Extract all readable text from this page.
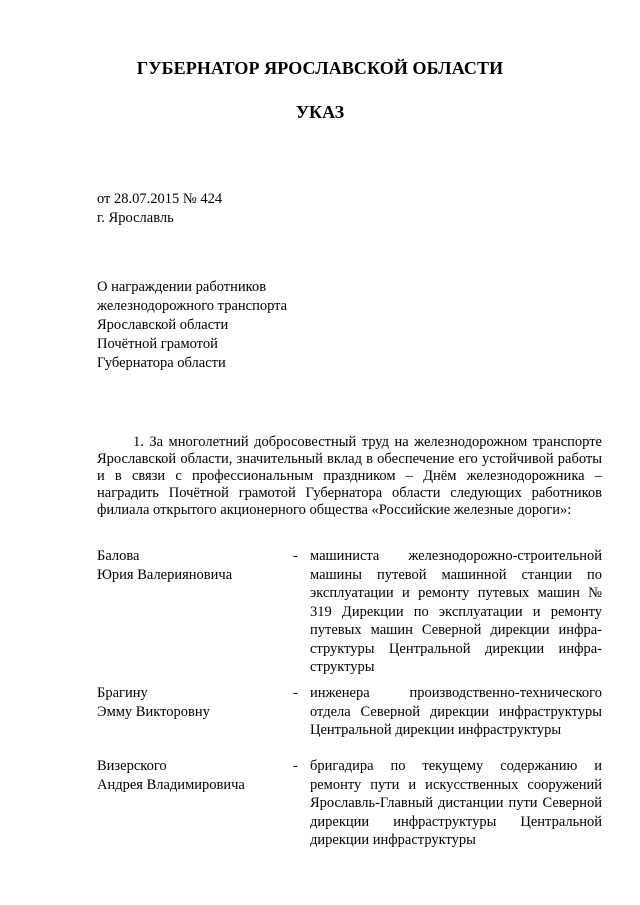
ГУБЕРНАТОР ЯРОСЛАВСКОЙ ОБЛАСТИ
УКАЗ
от 28.07.2015 № 424
г. Ярославль
О награждении работников
железнодорожного транспорта
Ярославской области
Почётной грамотой
Губернатора области
1. За многолетний добросовестный труд на железнодорожном транспорте Ярославской области, значительный вклад в обеспечение его устойчивой работы и в связи с профессиональным праздником – Днём железнодорожника – наградить Почётной грамотой Губернатора области следующих работников филиала открытого акционерного общества «Российские железные дороги»:
Балова
Юрия Валерияновича
- машиниста железнодорожно-строительной машины путевой машинной станции по эксплуатации и ремонту путевых машин № 319 Дирекции по эксплуатации и ремонту путевых машин Северной дирекции инфраструктуры Центральной дирекции инфраструктуры
Брагину
Эмму Викторовну
- инженера производственно-технического отдела Северной дирекции инфраструктуры Центральной дирекции инфраструктуры
Визерского
Андрея Владимировича
- бригадира по текущему содержанию и ремонту пути и искусственных сооружений Ярославль-Главный дистанции пути Северной дирекции инфраструктуры Центральной дирекции инфраструктуры
